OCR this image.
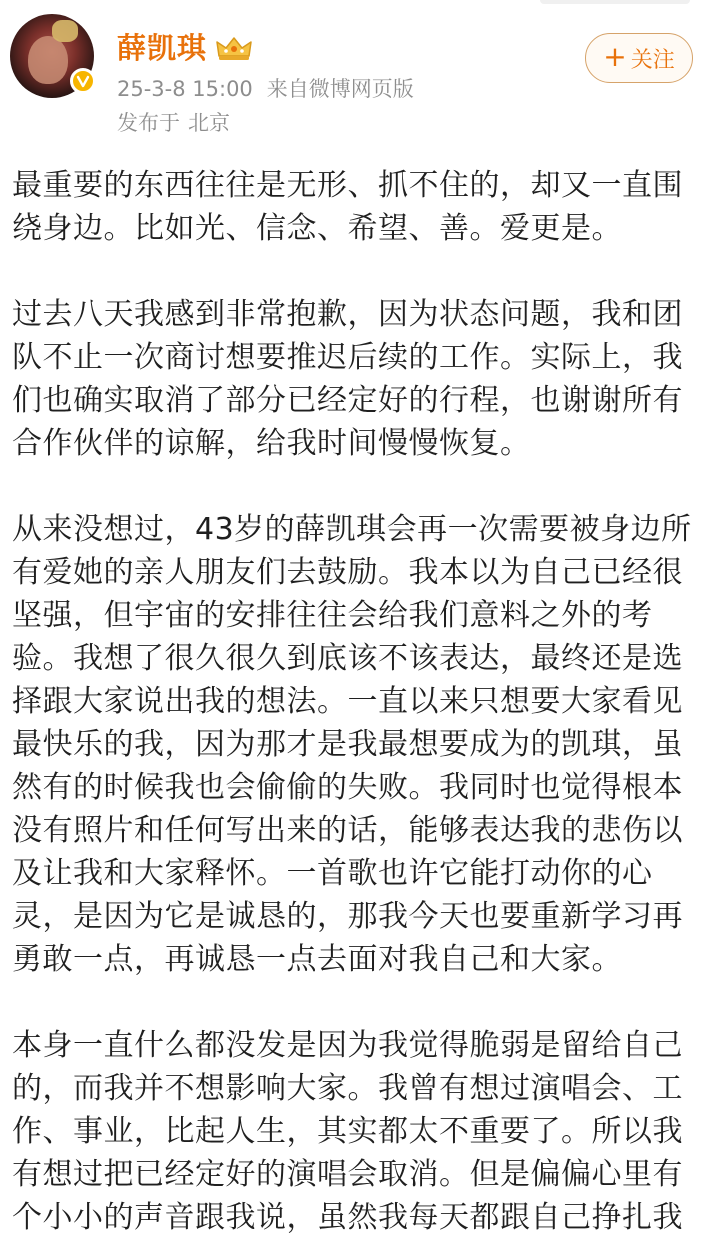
薛凯琪
25-3-8 15:00 来自微博网页版
发布于 北京
+ 关注

最重要的东西往往是无形、抓不住的，却又一直围绕身边。比如光、信念、希望、善。爱更是。

过去八天我感到非常抱歉，因为状态问题，我和团队不止一次商讨想要推迟后续的工作。实际上，我们也确实取消了部分已经定好的行程，也谢谢所有合作伙伴的谅解，给我时间慢慢恢复。

从来没想过，43岁的薛凯琪会再一次需要被身边所有爱她的亲人朋友们去鼓励。我本以为自己已经很坚强，但宇宙的安排往往会给我们意料之外的考验。我想了很久很久到底该不该表达，最终还是选择跟大家说出我的想法。一直以来只想要大家看见最快乐的我，因为那才是我最想要成为的凯琪，虽然有的时候我也会偷偷的失败。我同时也觉得根本没有照片和任何写出来的话，能够表达我的悲伤以及让我和大家释怀。一首歌也许它能打动你的心灵，是因为它是诚恳的，那我今天也要重新学习再勇敢一点，再诚恳一点去面对我自己和大家。

本身一直什么都没发是因为我觉得脆弱是留给自己的，而我并不想影响大家。我曾有想过演唱会、工作、事业，比起人生，其实都太不重要了。所以我有想过把已经定好的演唱会取消。但是偏偏心里有个小小的声音跟我说，虽然我每天都跟自己挣扎我
